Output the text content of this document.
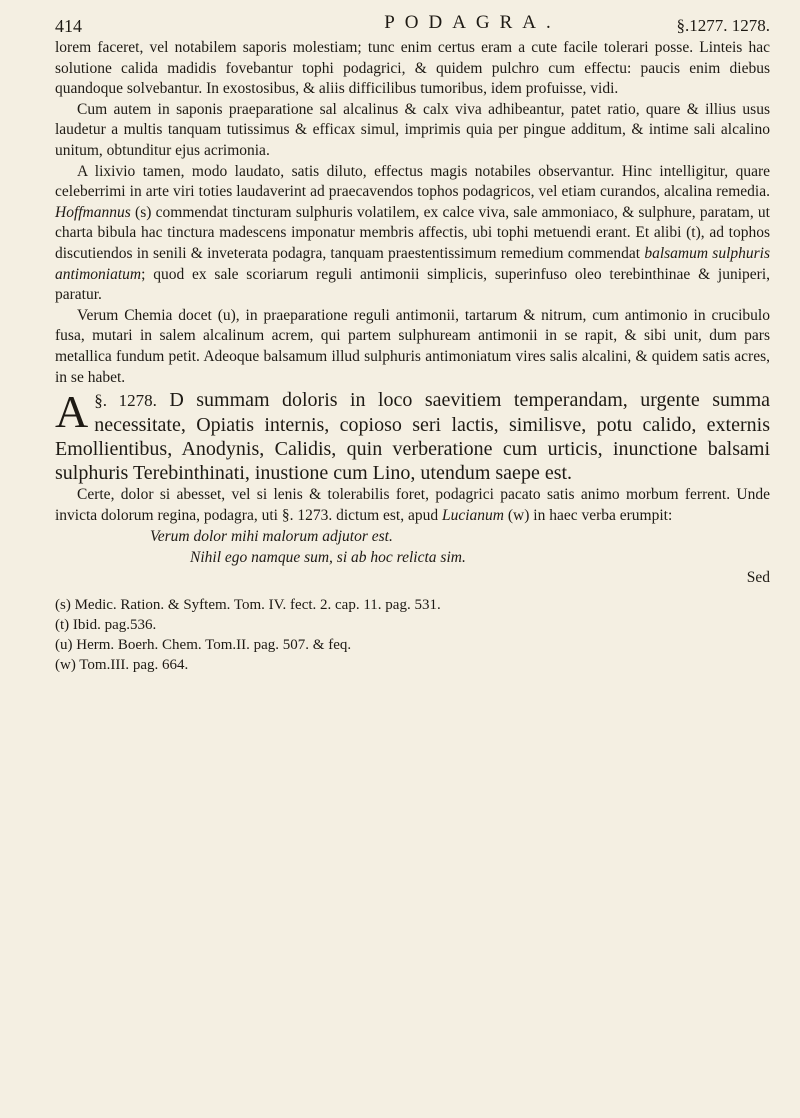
414	PODAGRA.	§.1277. 1278.

lorem faceret, vel notabilem saporis molestiam; tunc enim certus eram a cute facile tolerari posse. Linteis hac solutione calida madidis fovebantur tophi podagrici, & quidem pulchro cum effectu: paucis enim diebus quandoque solvebantur. In exostosibus, & aliis difficilibus tumoribus, idem profuisse, vidi.

Cum autem in saponis praeparatione sal alcalinus & calx viva adhibeantur, patet ratio, quare & illius usus laudetur a multis tanquam tutissimus & efficax simul, imprimis quia per pingue additum, & intime sali alcalino unitum, obtunditur ejus acrimonia.

A lixivio tamen, modo laudato, satis diluto, effectus magis notabiles observantur. Hinc intelligitur, quare celeberrimi in arte viri toties laudaverint ad praecavendos tophos podagricos, vel etiam curandos, alcalina remedia. Hoffmannus (s) commendat tincturam sulphuris volatilem, ex calce viva, sale ammoniaco, & sulphure, paratam, ut charta bibula hac tinctura madescens imponatur membris affectis, ubi tophi metuendi erant. Et alibi (t), ad tophos discutiendos in senili & inveterata podagra, tanquam praestentissimum remedium commendat balsamum sulphuris antimoniatum; quod ex sale scoriarum reguli antimonii simplicis, superinfuso oleo terebinthinae & juniperi, paratur.

Verum Chemia docet (u), in praeparatione reguli antimonii, tartarum & nitrum, cum antimonio in crucibulo fusa, mutari in salem alcalinum acrem, qui partem sulphuream antimonii in se rapit, & sibi unit, dum pars metallica fundum petit. Adeoque balsamum illud sulphuris antimoniatum vires salis alcalini, & quidem satis acres, in se habet.

§. 1278.
A	D summam doloris in loco saevitiem temperandam, urgente summa necessitate, Opiatis internis, copioso seri lactis, similisve, potu calido, externis Emollientibus, Anodynis, Calidis, quin verberatione cum urticis, inunctione balsami sulphuris Terebinthinati, inustione cum Lino, utendum saepe est.

Certe, dolor si abesset, vel si lenis & tolerabilis foret, podagrici pacato satis animo morbum ferrent. Unde invicta dolorum regina, podagra, uti §. 1273. dictum est, apud Lucianum (w) in haec verba erumpit:

Verum dolor mihi malorum adjutor est.

Nihil ego namque sum, si ab hoc relicta sim.

Sed

(s) Medic. Ration. & Syftem. Tom. IV. fect. 2. cap. 11. pag. 531.

(t) Ibid. pag.536.

(u) Herm. Boerh. Chem. Tom.II. pag. 507. & feq.

(w) Tom.III. pag. 664.
